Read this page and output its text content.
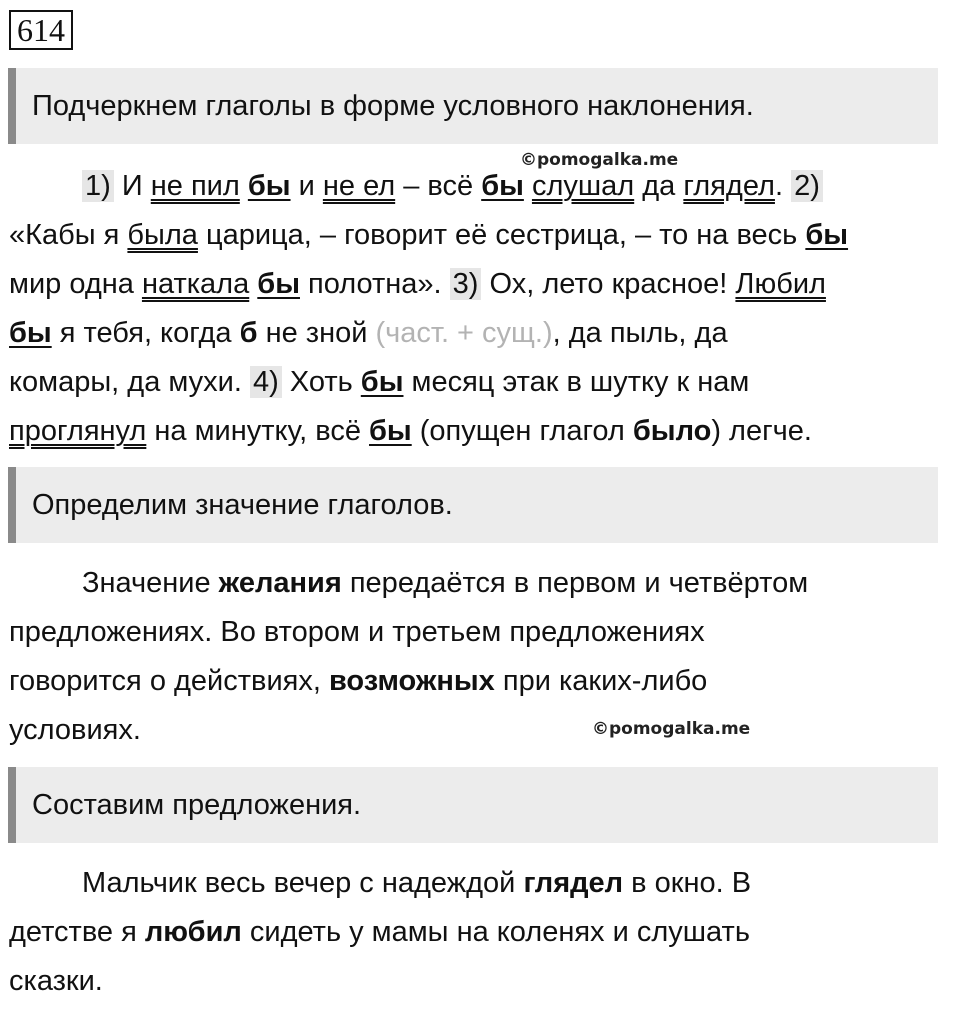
614
Подчеркнем глаголы в форме условного наклонения.
©pomogalka.me
1) И не пил бы и не ел – всё бы слушал да глядел. 2)
«Кабы я была царица, – говорит её сестрица, – то на весь бы
мир одна наткала бы полотна». 3) Ох, лето красное! Любил
бы я тебя, когда б не зной (част. + сущ.), да пыль, да
комары, да мухи. 4) Хоть бы месяц этак в шутку к нам
проглянул на минутку, всё бы (опущен глагол было) легче.
Определим значение глаголов.
Значение желания передаётся в первом и четвёртом
предложениях. Во втором и третьем предложениях
говорится о действиях, возможных при каких-либо
условиях.	©pomogalka.me
Составим предложения.
Мальчик весь вечер с надеждой глядел в окно. В
детстве я любил сидеть у мамы на коленях и слушать
сказки.
